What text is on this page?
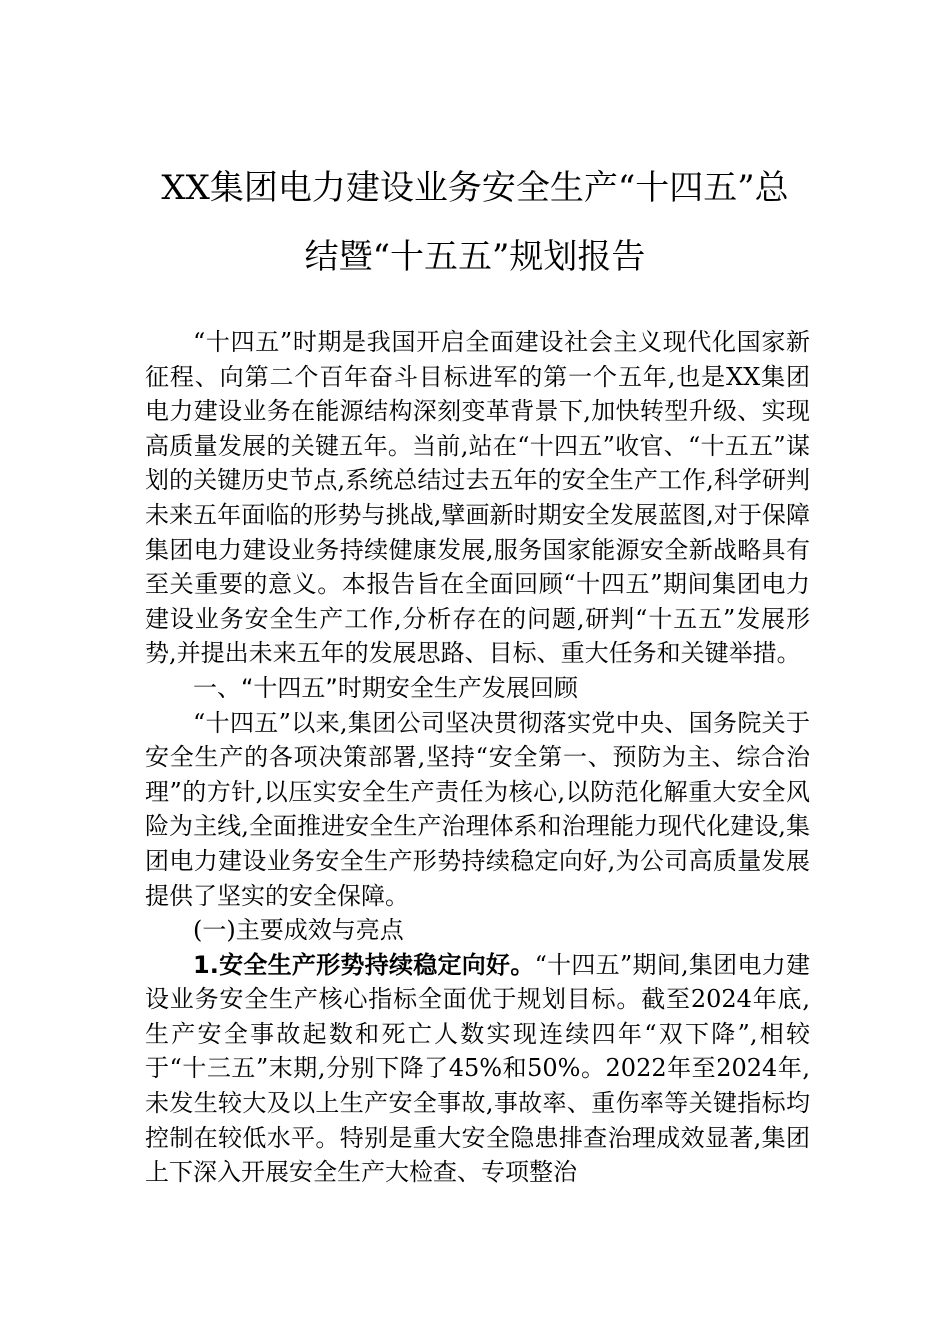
XX集团电力建设业务安全生产“十四五”总
结暨“十五五”规划报告

“十四五”时期是我国开启全面建设社会主义现代化国家新征程、向第二个百年奋斗目标进军的第一个五年,也是XX集团电力建设业务在能源结构深刻变革背景下,加快转型升级、实现高质量发展的关键五年。当前,站在“十四五”收官、“十五五”谋划的关键历史节点,系统总结过去五年的安全生产工作,科学研判未来五年面临的形势与挑战,擘画新时期安全发展蓝图,对于保障集团电力建设业务持续健康发展,服务国家能源安全新战略具有至关重要的意义。本报告旨在全面回顾“十四五”期间集团电力建设业务安全生产工作,分析存在的问题,研判“十五五”发展形势,并提出未来五年的发展思路、目标、重大任务和关键举措。

一、“十四五”时期安全生产发展回顾

“十四五”以来,集团公司坚决贯彻落实党中央、国务院关于安全生产的各项决策部署,坚持“安全第一、预防为主、综合治理”的方针,以压实安全生产责任为核心,以防范化解重大安全风险为主线,全面推进安全生产治理体系和治理能力现代化建设,集团电力建设业务安全生产形势持续稳定向好,为公司高质量发展提供了坚实的安全保障。

(一)主要成效与亮点

1.安全生产形势持续稳定向好。“十四五”期间,集团电力建设业务安全生产核心指标全面优于规划目标。截至2024年底,生产安全事故起数和死亡人数实现连续四年“双下降”,相较于“十三五”末期,分别下降了45%和50%。2022年至2024年,未发生较大及以上生产安全事故,事故率、重伤率等关键指标均控制在较低水平。特别是重大安全隐患排查治理成效显著,集团上下深入开展安全生产大检查、专项整治
